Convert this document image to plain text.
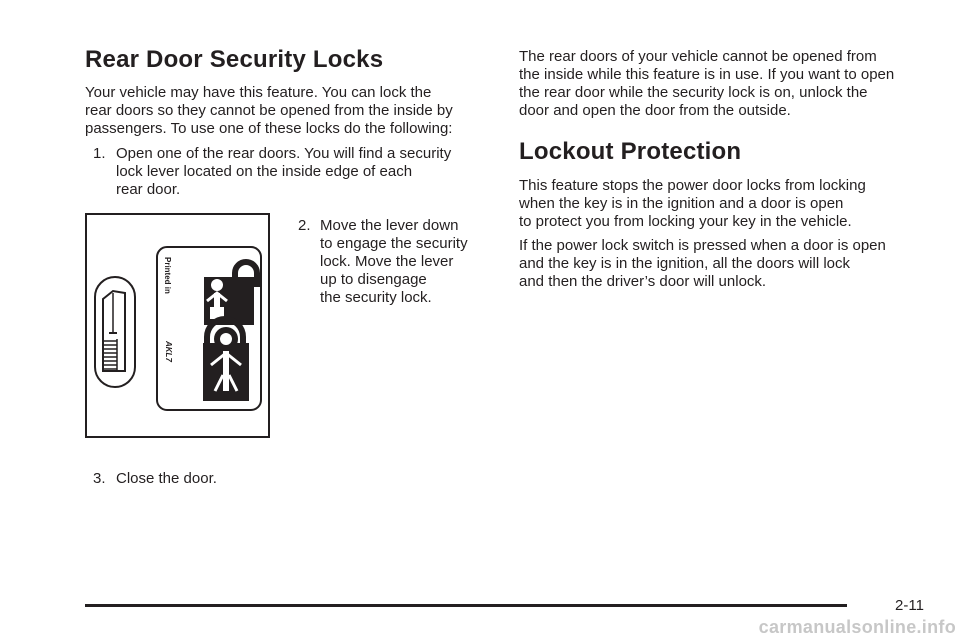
Rear Door Security Locks

Your vehicle may have this feature. You can lock the
rear doors so they cannot be opened from the inside by
passengers. To use one of these locks do the following:

1. Open one of the rear doors. You will find a security
lock lever located on the inside edge of each
rear door.

Printed in
AKL7
2. Move the lever down
to engage the security
lock. Move the lever
up to disengage
the security lock.

3. Close the door.

The rear doors of your vehicle cannot be opened from
the inside while this feature is in use. If you want to open
the rear door while the security lock is on, unlock the
door and open the door from the outside.

Lockout Protection

This feature stops the power door locks from locking
when the key is in the ignition and a door is open
to protect you from locking your key in the vehicle.

If the power lock switch is pressed when a door is open
and the key is in the ignition, all the doors will lock
and then the driver’s door will unlock.

2-11
carmanualsonline.info
